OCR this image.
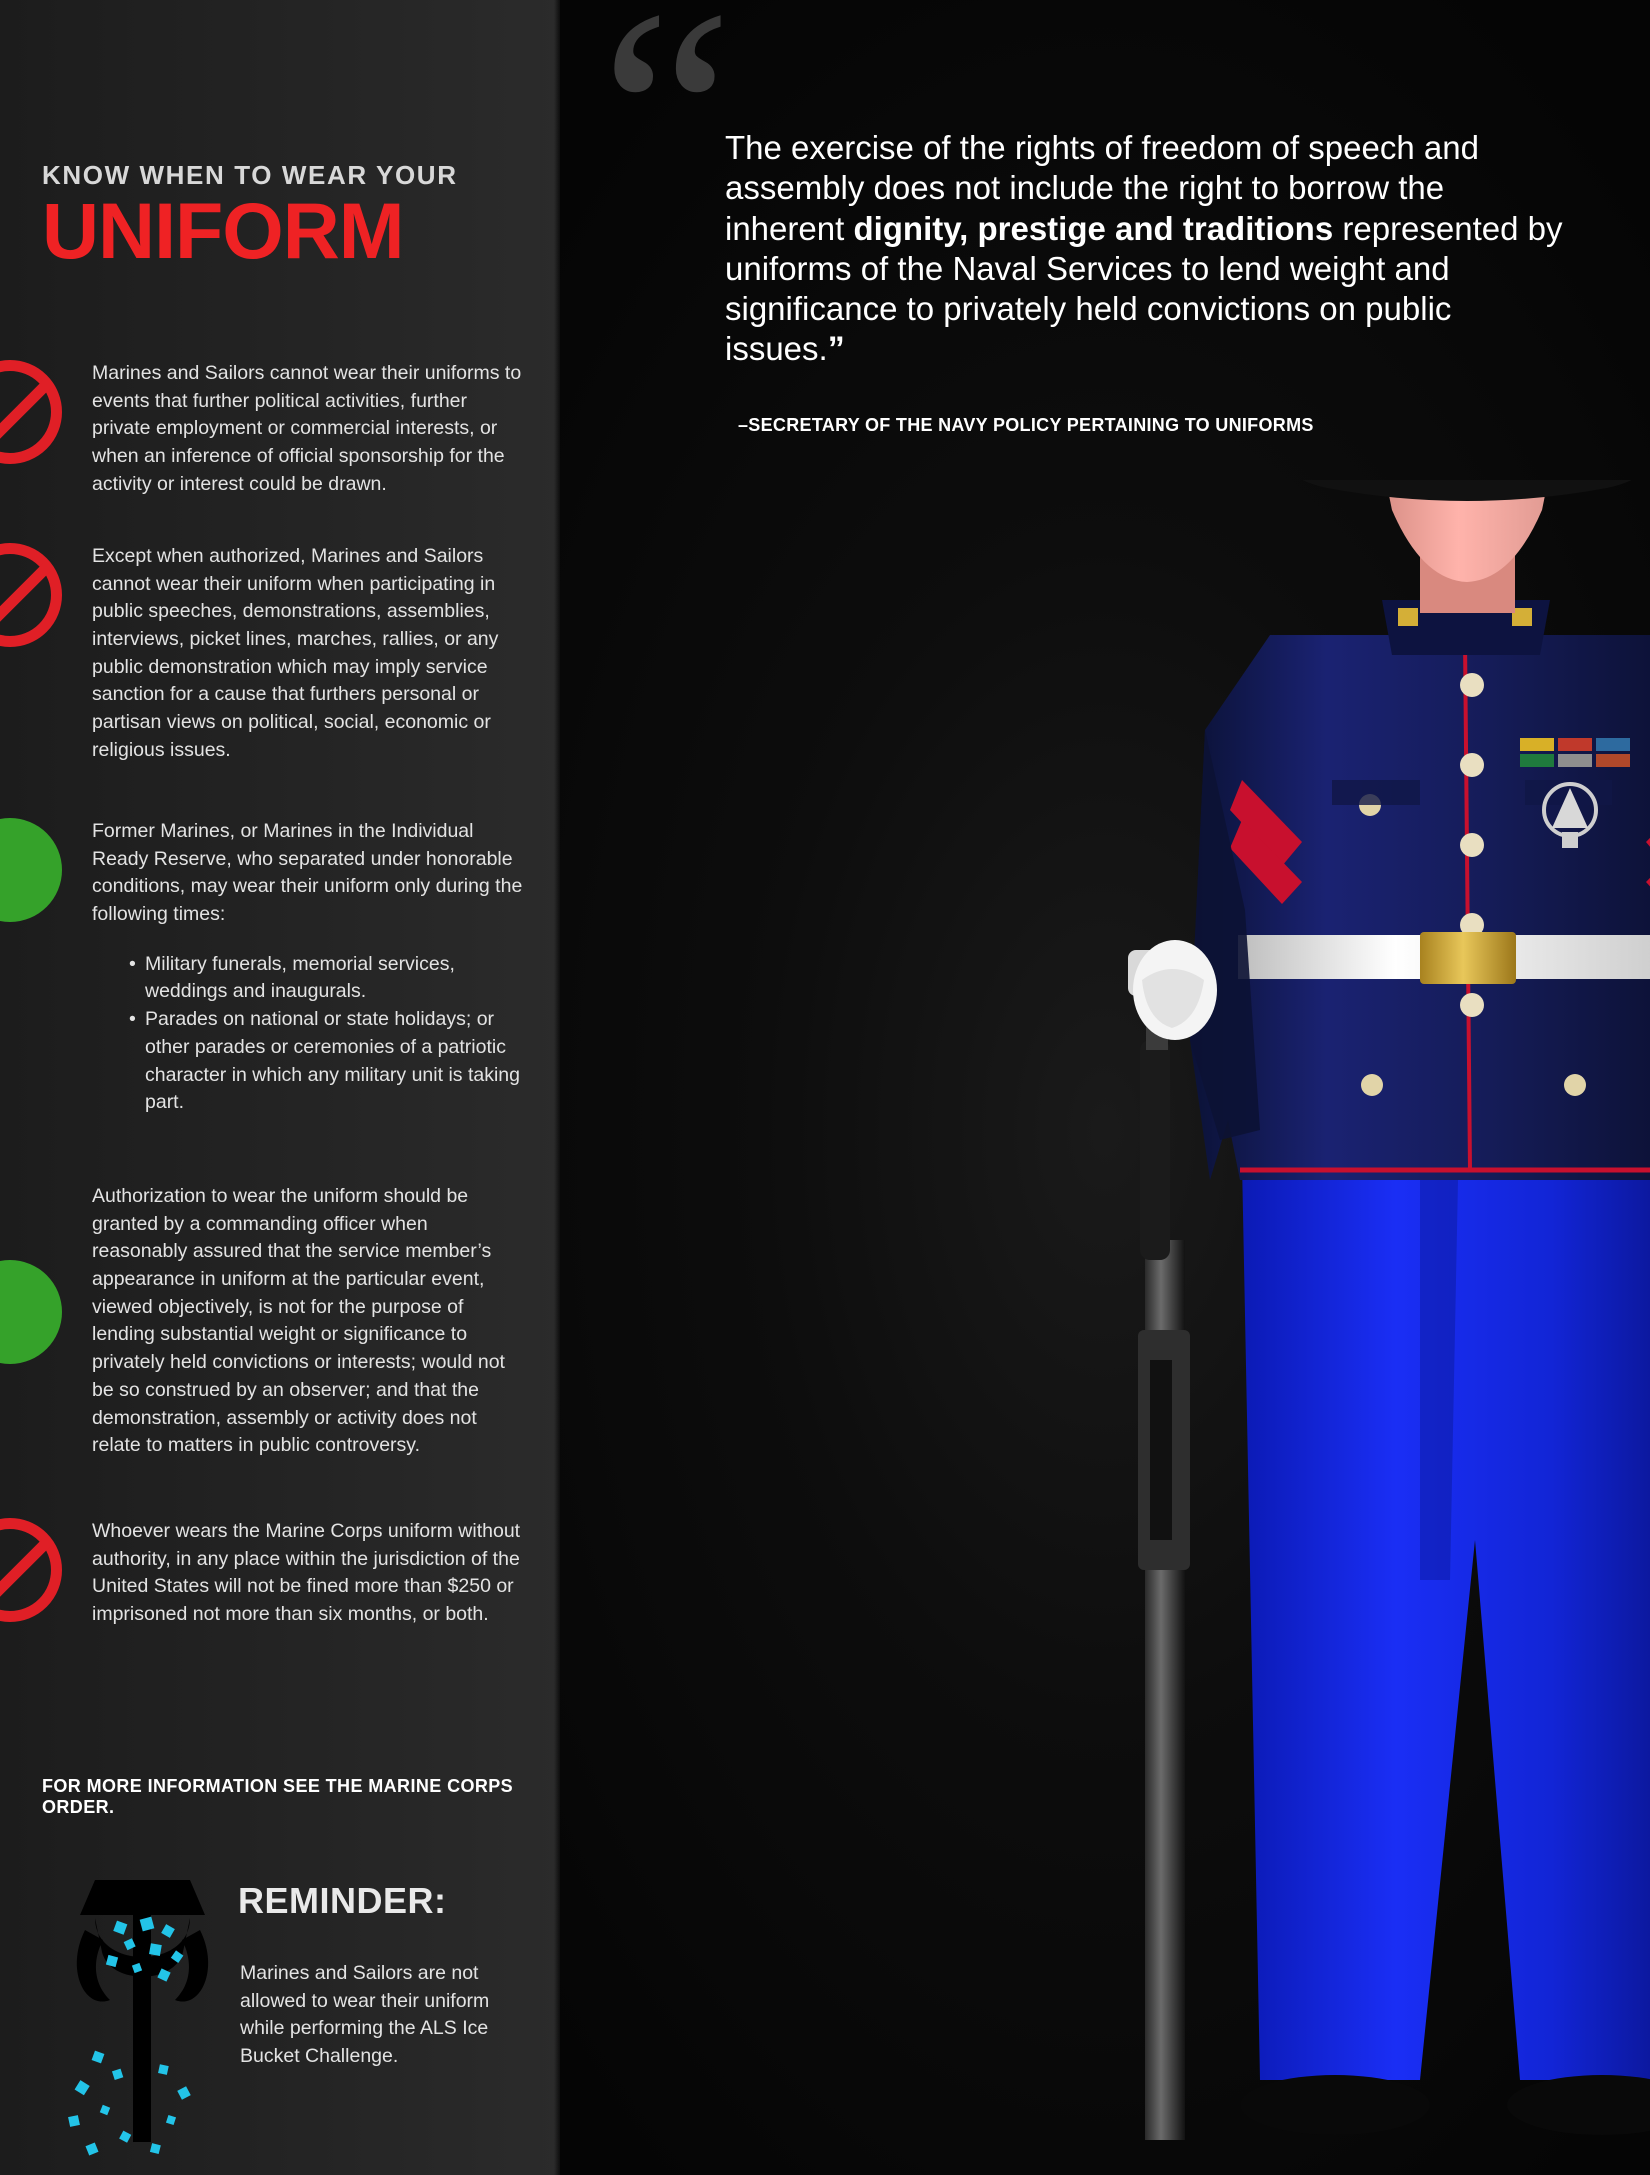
KNOW WHEN TO WEAR YOUR
UNIFORM

Marines and Sailors cannot wear their uniforms to events that further political activities, further private employment or commercial interests, or when an inference of official sponsorship for the activity or interest could be drawn.

Except when authorized, Marines and Sailors cannot wear their uniform when participating in public speeches, demonstrations, assemblies, interviews, picket lines, marches, rallies, or any public demonstration which may imply service sanction for a cause that furthers personal or partisan views on political, social, economic or religious issues.

Former Marines, or Marines in the Individual Ready Reserve, who separated under honorable conditions, may wear their uniform only during the following times:

• Military funerals, memorial services, weddings and inaugurals.
• Parades on national or state holidays; or other parades or ceremonies of a patriotic character in which any military unit is taking part.

Authorization to wear the uniform should be granted by a commanding officer when reasonably assured that the service member’s appearance in uniform at the particular event, viewed objectively, is not for the purpose of lending substantial weight or significance to privately held convictions or interests; would not be so construed by an observer; and that the demonstration, assembly or activity does not relate to matters in public controversy.

Whoever wears the Marine Corps uniform without authority, in any place within the jurisdiction of the United States will not be fined more than $250 or imprisoned not more than six months, or both.

FOR MORE INFORMATION SEE THE MARINE CORPS ORDER.
REMINDER:
Marines and Sailors are not allowed to wear their uniform while performing the ALS Ice Bucket Challenge.
“
The exercise of the rights of freedom of speech and assembly does not include the right to borrow the inherent dignity, prestige and traditions represented by uniforms of the Naval Services to lend weight and significance to privately held convictions on public issues.”
–SECRETARY OF THE NAVY POLICY PERTAINING TO UNIFORMS
